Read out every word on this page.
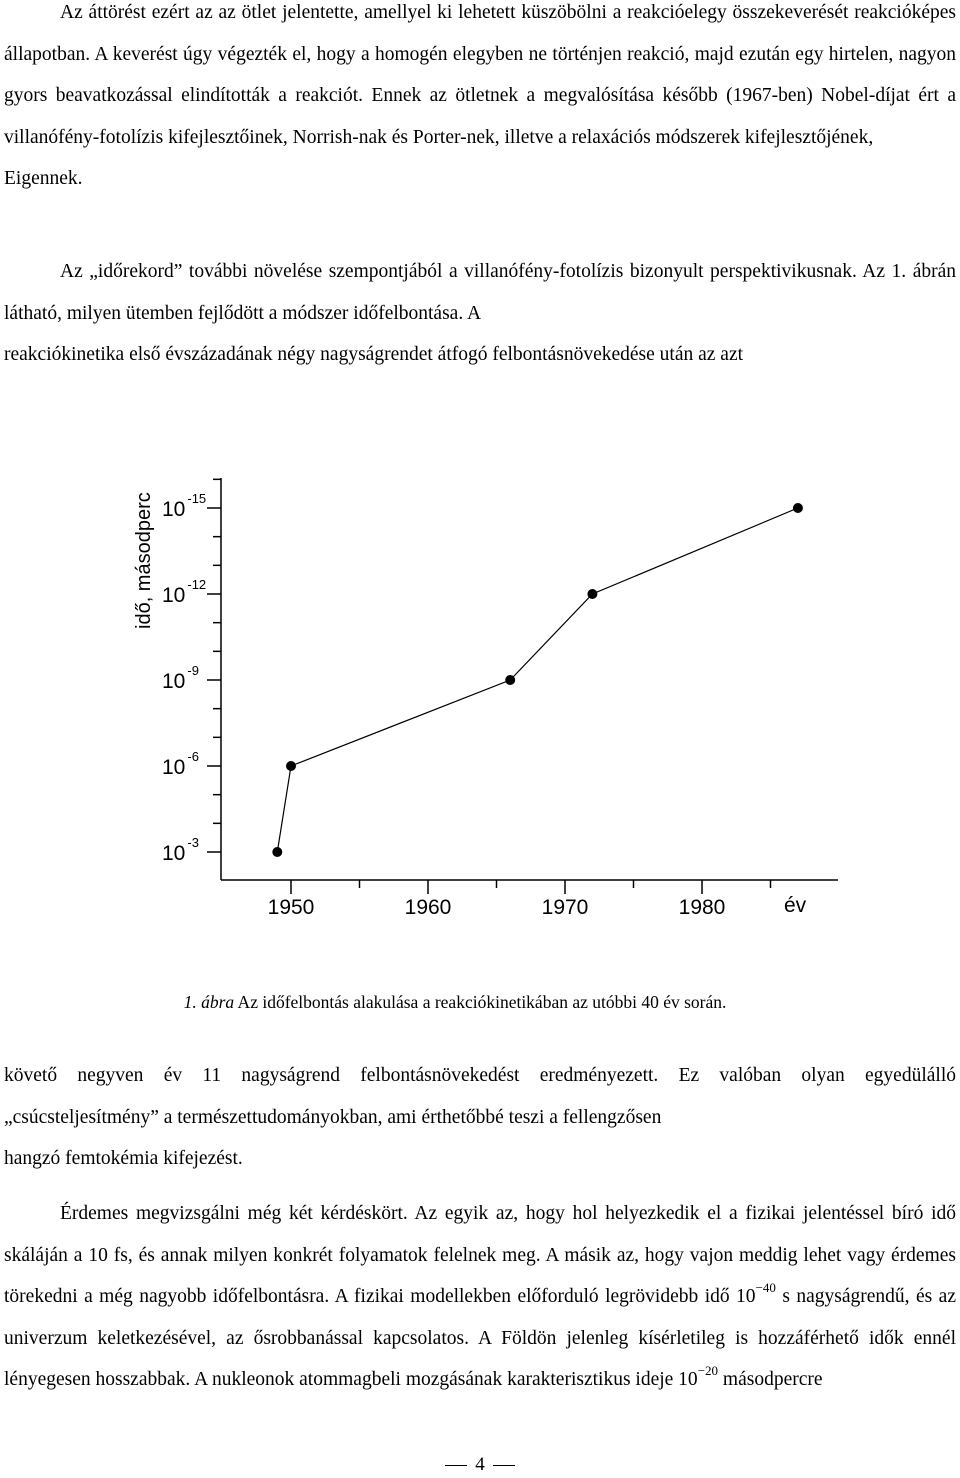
Az áttörést ezért az az ötlet jelentette, amellyel ki lehetett küszöbölni a reakcióelegy összekeverését reakcióképes állapotban. A keverést úgy végezték el, hogy a homogén elegyben ne történjen reakció, majd ezután egy hirtelen, nagyon gyors beavatkozással elindították a reakciót. Ennek az ötletnek a megvalósítása később (1967-ben) Nobel-díjat ért a villanófény-fotolízis kifejlesztőinek, Norrish-nak és Porter-nek, illetve a relaxációs módszerek kifejlesztőjének,
Eigennek.

Az „időrekord” további növelése szempontjából a villanófény-fotolízis bizonyult perspektivikusnak. Az 1. ábrán látható, milyen ütemben fejlődött a módszer időfelbontása. A
reakciókinetika első évszázadának négy nagyságrendet átfogó felbontásnövekedése után az azt

idő, másodperc 10 $^{-15}$
10 $^{-12}$
10 $^{-9}$
10 $^{-6}$
10 $^{-3}$
1950	1960	1970	1980	év
1. ábra Az időfelbontás alakulása a reakciókinetikában az utóbbi 40 év során.

követő negyven év 11 nagyságrend felbontásnövekedést eredményezett. Ez valóban olyan egyedülálló „csúcsteljesítmény” a természettudományokban, ami érthetőbbé teszi a fellengzősen
hangzó femtokémia kifejezést.

Érdemes megvizsgálni még két kérdéskört. Az egyik az, hogy hol helyezkedik el a fizikai jelentéssel bíró idő skáláján a 10 fs, és annak milyen konkrét folyamatok felelnek meg. A másik az, hogy vajon meddig lehet vagy érdemes törekedni a még nagyobb időfelbontásra. A fizikai modellekben előforduló legrövidebb idő $10^{-40}$ s nagyságrendű, és az univerzum keletkezésével, az ősrobbanással kapcsolatos. A Földön jelenleg kísérletileg is hozzáférhető idők ennél lényegesen hosszabbak. A nukleonok atommagbeli mozgásának karakterisztikus ideje $10^{-20}$ másodpercre

4
